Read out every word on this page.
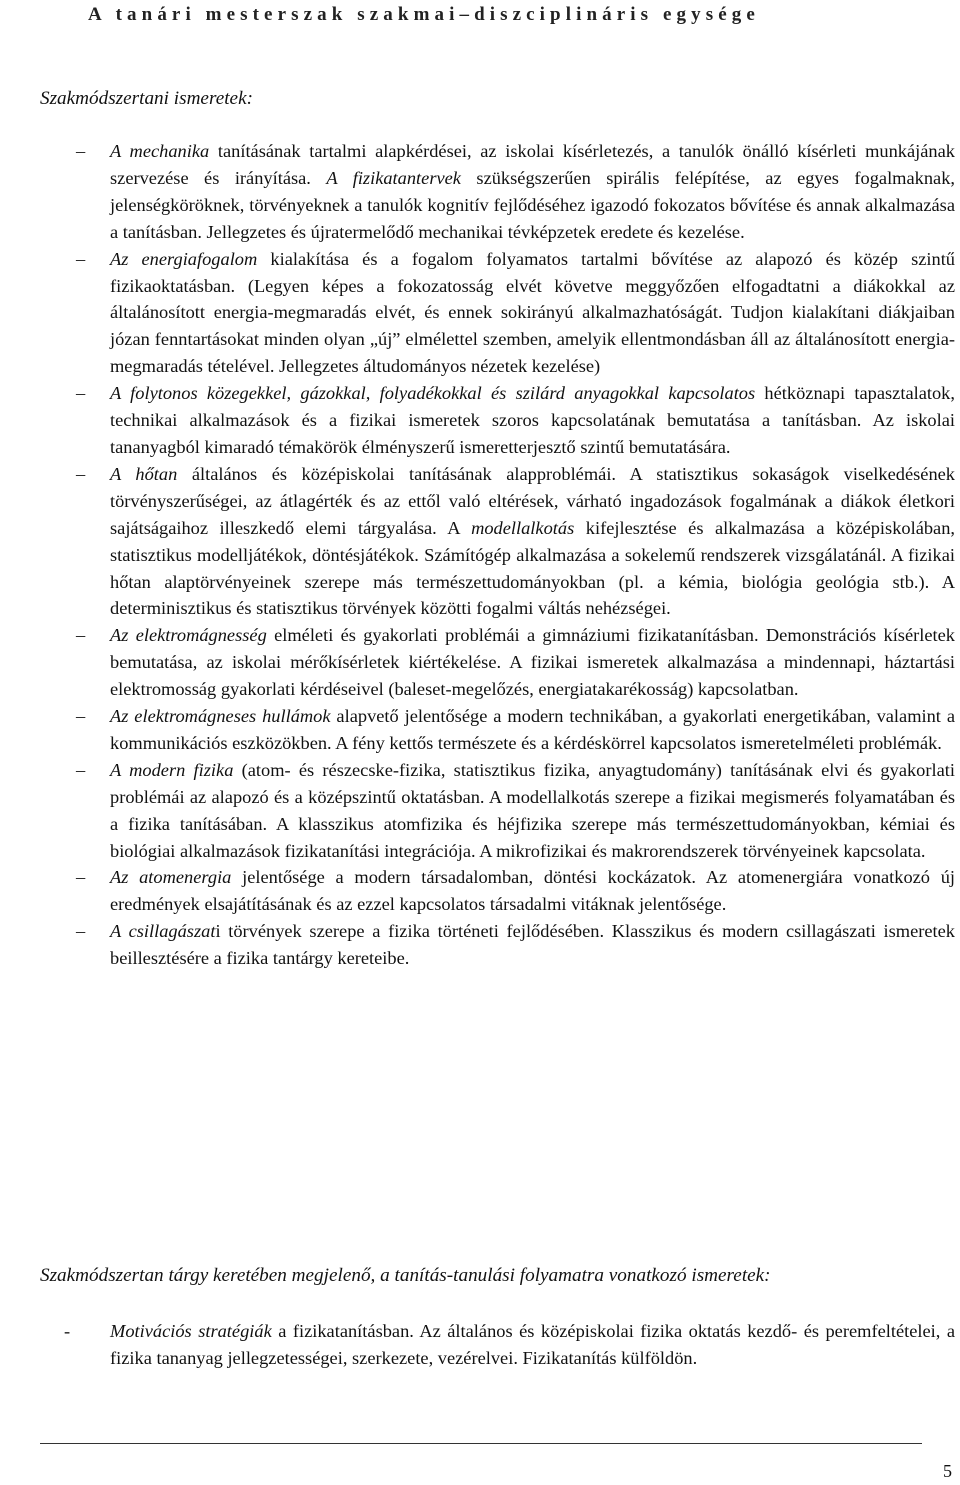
A tanári mesterszak szakmai–diszciplináris egysége
Szakmódszertani ismeretek:
– A mechanika tanításának tartalmi alapkérdései, az iskolai kísérletezés, a tanulók önálló kísérleti munkájának szervezése és irányítása. A fizikatantervek szükségszerűen spirális felépítése, az egyes fogalmaknak, jelenségköröknek, törvényeknek a tanulók kognitív fejlődéséhez igazodó fokozatos bővítése és annak alkalmazása a tanításban. Jellegzetes és újratermelődő mechanikai tévképzetek eredete és kezelése.
– Az energiafogalom kialakítása és a fogalom folyamatos tartalmi bővítése az alapozó és közép szintű fizikaoktatásban. (Legyen képes a fokozatosság elvét követve meggyőzően elfogadtatni a diákokkal az általánosított energia-megmaradás elvét, és ennek sokirányú alkalmazhatóságát. Tudjon kialakítani diákjaiban józan fenntartásokat minden olyan „új” elmélettel szemben, amelyik ellentmondásban áll az általánosított energia-megmaradás tételével. Jellegzetes áltudományos nézetek kezelése)
– A folytonos közegekkel, gázokkal, folyadékokkal és szilárd anyagokkal kapcsolatos hétköznapi tapasztalatok, technikai alkalmazások és a fizikai ismeretek szoros kapcsolatának bemutatása a tanításban. Az iskolai tananyagból kimaradó témakörök élményszerű ismeretterjesztő szintű bemutatására.
– A hőtan általános és középiskolai tanításának alapproblémái. A statisztikus sokaságok viselkedésének törvényszerűségei, az átlagérték és az ettől való eltérések, várható ingadozások fogalmának a diákok életkori sajátságaihoz illeszkedő elemi tárgyalása. A modellalkotás kifejlesztése és alkalmazása a középiskolában, statisztikus modelljátékok, döntésjátékok. Számítógép alkalmazása a sokelemű rendszerek vizsgálatánál. A fizikai hőtan alaptörvényeinek szerepe más természettudományokban (pl. a kémia, biológia geológia stb.). A determinisztikus és statisztikus törvények közötti fogalmi váltás nehézségei.
– Az elektromágnesség elméleti és gyakorlati problémái a gimnáziumi fizikatanításban. Demonstrációs kísérletek bemutatása, az iskolai mérőkísérletek kiértékelése. A fizikai ismeretek alkalmazása a mindennapi, háztartási elektromosság gyakorlati kérdéseivel (baleset-megelőzés, energiatakarékosság) kapcsolatban.
– Az elektromágneses hullámok alapvető jelentősége a modern technikában, a gyakorlati energetikában, valamint a kommunikációs eszközökben. A fény kettős természete és a kérdéskörrel kapcsolatos ismeretelméleti problémák.
– A modern fizika (atom- és részecske-fizika, statisztikus fizika, anyagtudomány) tanításának elvi és gyakorlati problémái az alapozó és a középszintű oktatásban. A modellalkotás szerepe a fizikai megismerés folyamatában és a fizika tanításában. A klasszikus atomfizika és héjfizika szerepe más természettudományokban, kémiai és biológiai alkalmazások fizikatanítási integrációja. A mikrofizikai és makrorendszerek törvényeinek kapcsolata.
– Az atomenergia jelentősége a modern társadalomban, döntési kockázatok. Az atomenergiára vonatkozó új eredmények elsajátításának és az ezzel kapcsolatos társadalmi vitáknak jelentősége.
– A csillagászati törvények szerepe a fizika történeti fejlődésében. Klasszikus és modern csillagászati ismeretek beillesztésére a fizika tantárgy kereteibe.
Szakmódszertan tárgy keretében megjelenő, a tanítás-tanulási folyamatra vonatkozó ismeretek:
- Motivációs stratégiák a fizikatanításban. Az általános és középiskolai fizika oktatás kezdő- és peremfeltételei, a fizika tananyag jellegzetességei, szerkezete, vezérelvei. Fizikatanítás külföldön.
5
